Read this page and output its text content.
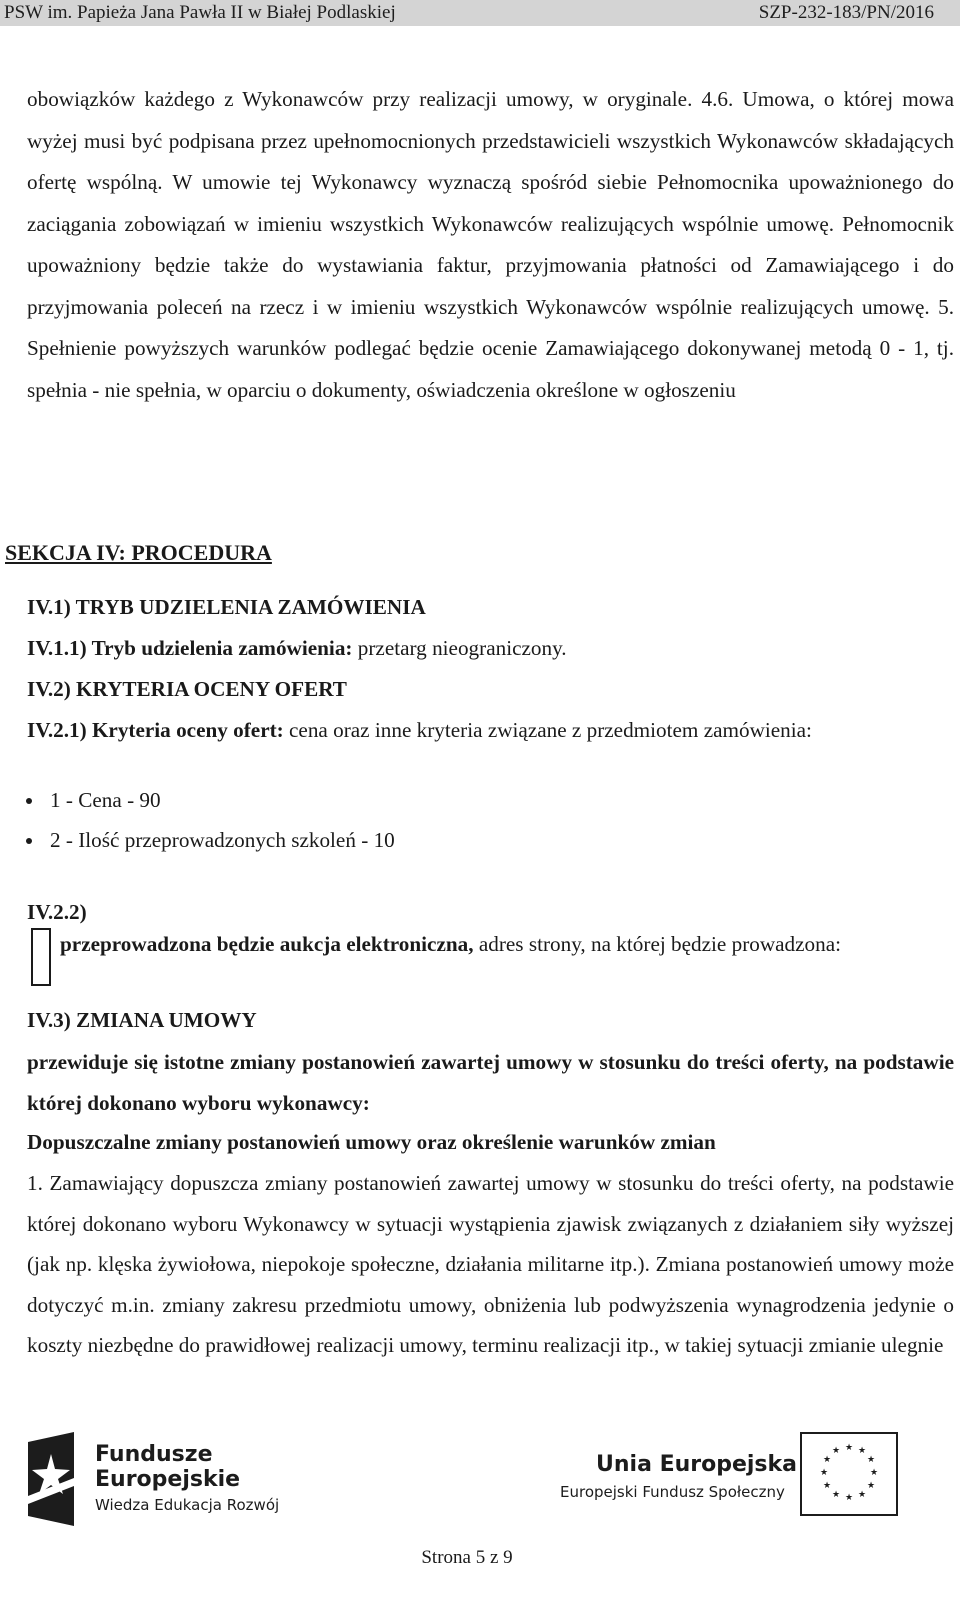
PSW im. Papieża Jana Pawła II w Białej Podlaskiej	SZP-232-183/PN/2016
obowiązków każdego z Wykonawców przy realizacji umowy, w oryginale. 4.6. Umowa, o której mowa wyżej musi być podpisana przez upełnomocnionych przedstawicieli wszystkich Wykonawców składających ofertę wspólną. W umowie tej Wykonawcy wyznaczą spośród siebie Pełnomocnika upoważnionego do zaciągania zobowiązań w imieniu wszystkich Wykonawców realizujących wspólnie umowę. Pełnomocnik upoważniony będzie także do wystawiania faktur, przyjmowania płatności od Zamawiającego i do przyjmowania poleceń na rzecz i w imieniu wszystkich Wykonawców wspólnie realizujących umowę. 5. Spełnienie powyższych warunków podlegać będzie ocenie Zamawiającego dokonywanej metodą 0 - 1, tj. spełnia - nie spełnia, w oparciu o dokumenty, oświadczenia określone w ogłoszeniu
SEKCJA IV: PROCEDURA
IV.1) TRYB UDZIELENIA ZAMÓWIENIA
IV.1.1) Tryb udzielenia zamówienia: przetarg nieograniczony.
IV.2) KRYTERIA OCENY OFERT
IV.2.1) Kryteria oceny ofert: cena oraz inne kryteria związane z przedmiotem zamówienia:
1 - Cena - 90
2 - Ilość przeprowadzonych szkoleń - 10
IV.2.2)
przeprowadzona będzie aukcja elektroniczna, adres strony, na której będzie prowadzona:
IV.3) ZMIANA UMOWY
przewiduje się istotne zmiany postanowień zawartej umowy w stosunku do treści oferty, na podstawie której dokonano wyboru wykonawcy:
Dopuszczalne zmiany postanowień umowy oraz określenie warunków zmian
1. Zamawiający dopuszcza zmiany postanowień zawartej umowy w stosunku do treści oferty, na podstawie której dokonano wyboru Wykonawcy w sytuacji wystąpienia zjawisk związanych z działaniem siły wyższej (jak np. klęska żywiołowa, niepokoje społeczne, działania militarne itp.). Zmiana postanowień umowy może dotyczyć m.in. zmiany zakresu przedmiotu umowy, obniżenia lub podwyższenia wynagrodzenia jedynie o koszty niezbędne do prawidłowej realizacji umowy, terminu realizacji itp., w takiej sytuacji zmianie ulegnie
Fundusze
Europejskie
Wiedza Edukacja Rozwój
Unia Europejska
Europejski Fundusz Społeczny
★ ★
★
★
★
★
★
★
★
★
★
★
Strona 5 z 9
